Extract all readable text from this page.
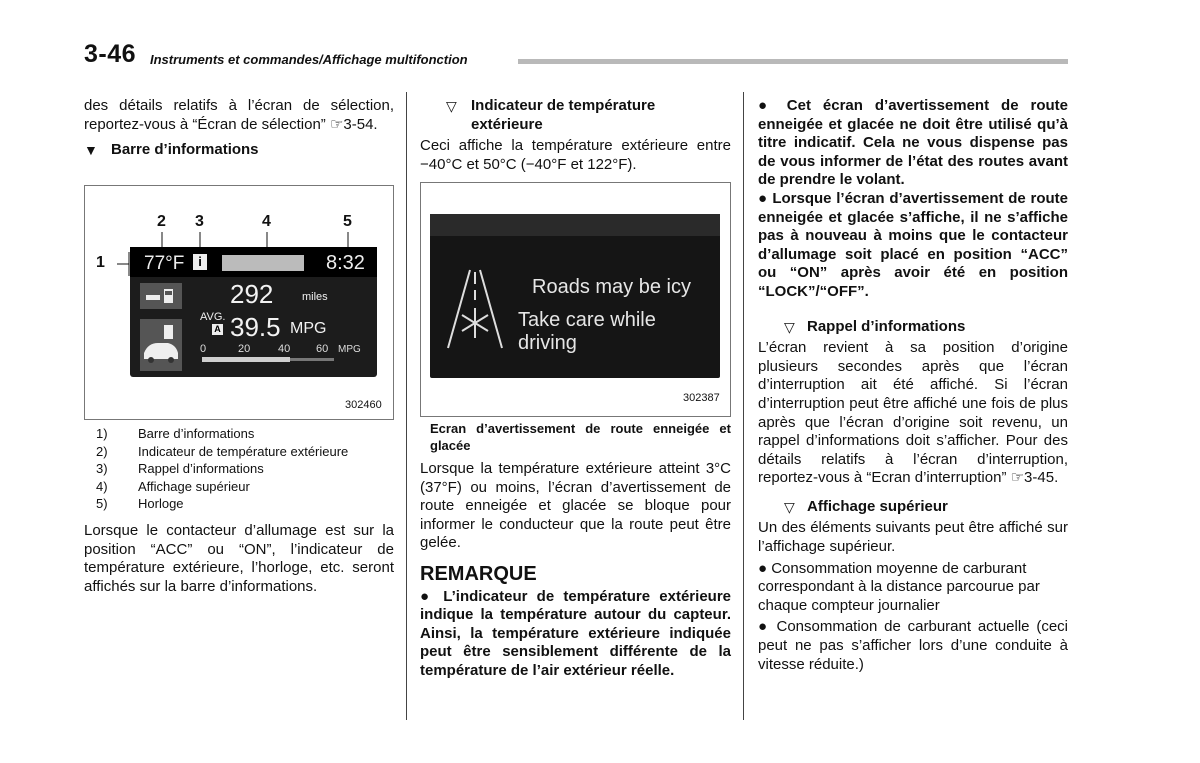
3-46 Instruments et commandes/Affichage multifonction

des détails relatifs à l’écran de sélection, reportez-vous à “Écran de sélection” ☞3-54.

▼ Barre d’informations
1
2 3	4	5
77°F	i	8:32
292	miles
AVG.
A 39.5 MPG
0	20	40 60 MPG
302460
1)	Barre d’informations
2)	Indicateur de température extérieure
3)	Rappel d’informations
4)	Affichage supérieur
5)	Horloge
Lorsque le contacteur d’allumage est sur la position “ACC” ou “ON”, l’indicateur de température extérieure, l’horloge, etc. seront affichés sur la barre d’informations.
▽ Indicateur de température extérieure

Ceci affiche la température extérieure entre −40°C et 50°C (−40°F et 122°F).

Roads may be icy
Take care while driving
302387
Ecran d’avertissement de route enneigée et glacée

Lorsque la température extérieure atteint 3°C (37°F) ou moins, l’écran d’avertissement de route enneigée et glacée se bloque pour informer le conducteur que la route peut être gelée.

REMARQUE

● L’indicateur de température extérieure indique la température autour du capteur. Ainsi, la température extérieure indiquée peut être sensiblement différente de la température de l’air extérieur réelle.

● Cet écran d’avertissement de route enneigée et glacée ne doit être utilisé qu’à titre indicatif. Cela ne vous dispense pas de vous informer de l’état des routes avant de prendre le volant.

● Lorsque l’écran d’avertissement de route enneigée et glacée s’affiche, il ne s’affiche pas à nouveau à moins que le contacteur d’allumage soit placé en position “ACC” ou “ON” après avoir été en position “LOCK”/“OFF”.

▽ Rappel d’informations

L’écran revient à sa position d’origine plusieurs secondes après que l’écran d’interruption ait été affiché. Si l’écran d’interruption peut être affiché une fois de plus après que l’écran d’origine soit revenu, un rappel d’informations doit s’afficher. Pour des détails relatifs à l’écran d’interruption, reportez-vous à “Ecran d’interruption” ☞3-45.

▽ Affichage supérieur

Un des éléments suivants peut être affiché sur l’affichage supérieur.

● Consommation moyenne de carburant correspondant à la distance parcourue par chaque compteur journalier

● Consommation de carburant actuelle (ceci peut ne pas s’afficher lors d’une conduite à vitesse réduite.)
